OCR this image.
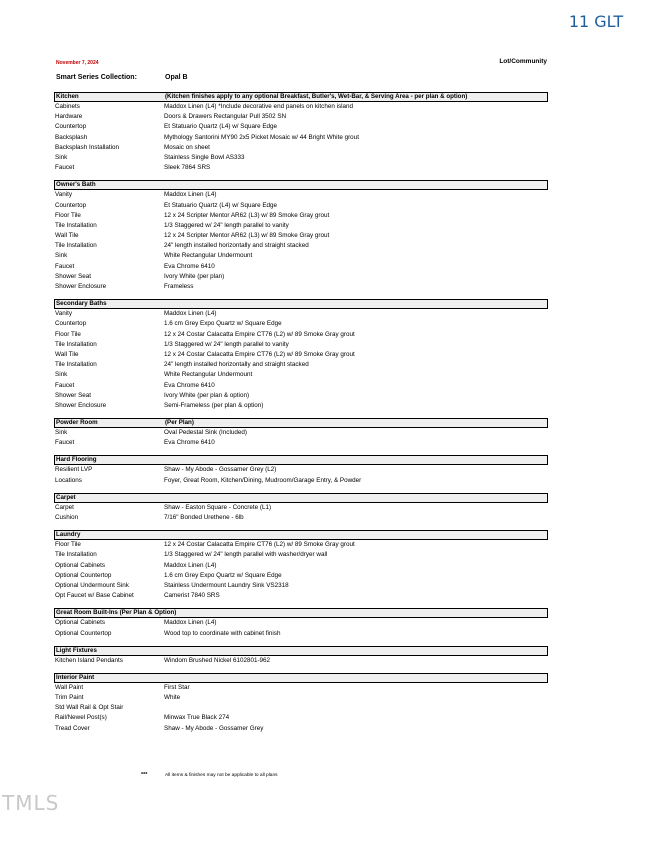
11 GLT
November 7, 2024	Lot/Community
Smart Series Collection:	Opal B
Kitchen	(Kitchen finishes apply to any optional Breakfast, Butler's, Wet-Bar, & Serving Area - per plan & option)
Cabinets	Maddox Linen (L4) *Include decorative end panels on kitchen island
Hardware	Doors & Drawers Rectangular Pull 3502 SN
Countertop	Et Statuario Quartz (L4) w/ Square Edge
Backsplash	Mythology Santorini MY90 2x5 Picket Mosaic w/ 44 Bright White grout
Backsplash Installation	Mosaic on sheet
Sink	Stainless Single Bowl AS333
Faucet	Sleek 7864 SRS
Owner's Bath
Vanity	Maddox Linen (L4)
Countertop	Et Statuario Quartz (L4) w/ Square Edge
Floor Tile	12 x 24 Scripter Mentor AR62 (L3) w/ 89 Smoke Gray grout
Tile Installation	1/3 Staggered w/ 24" length parallel to vanity
Wall Tile	12 x 24 Scripter Mentor AR62 (L3) w/ 89 Smoke Gray grout
Tile Installation	24" length installed horizontally and straight stacked
Sink	White Rectangular Undermount
Faucet	Eva Chrome 6410
Shower Seat	Ivory White (per plan)
Shower Enclosure	Frameless
Secondary Baths
Vanity	Maddox Linen (L4)
Countertop	1.6 cm Grey Expo Quartz w/ Square Edge
Floor Tile	12 x 24 Costar Calacatta Empire CT76 (L2) w/ 89 Smoke Gray grout
Tile Installation	1/3 Staggered w/ 24" length parallel to vanity
Wall Tile	12 x 24 Costar Calacatta Empire CT76 (L2) w/ 89 Smoke Gray grout
Tile Installation	24" length installed horizontally and straight stacked
Sink	White Rectangular Undermount
Faucet	Eva Chrome 6410
Shower Seat	Ivory White (per plan & option)
Shower Enclosure	Semi-Frameless (per plan & option)
Powder Room	(Per Plan)
Sink	Oval Pedestal Sink (Included)
Faucet	Eva Chrome 6410
Hard Flooring
Resilient LVP	Shaw - My Abode - Gossamer Grey (L2)
Locations	Foyer, Great Room, Kitchen/Dining, Mudroom/Garage Entry, & Powder
Carpet
Carpet	Shaw - Easton Square - Concrete (L1)
Cushion	7/16" Bonded Urethene - 6lb
Laundry
Floor Tile	12 x 24 Costar Calacatta Empire CT76 (L2) w/ 89 Smoke Gray grout
Tile Installation	1/3 Staggered w/ 24" length parallel with washer/dryer wall
Optional Cabinets	Maddox Linen (L4)
Optional Countertop	1.6 cm Grey Expo Quartz w/ Square Edge
Optional Undermount Sink	Stainless Undermount Laundry Sink VS2318
Opt Faucet w/ Base Cabinet	Camerist 7840 SRS
Great Room Built-Ins (Per Plan & Option)
Optional Cabinets	Maddox Linen (L4)
Optional Countertop	Wood top to coordinate with cabinet finish
Light Fixtures
Kitchen Island Pendants	Windom Brushed Nickel 6102801-962
Interior Paint
Wall Paint	First Star
Trim Paint	White
Std Wall Rail & Opt Stair
Rail/Newel Post(s)	Minwax True Black 274
Tread Cover	Shaw - My Abode - Gossamer Grey
***	All items & finishes may not be applicable to all plans
TMLS
